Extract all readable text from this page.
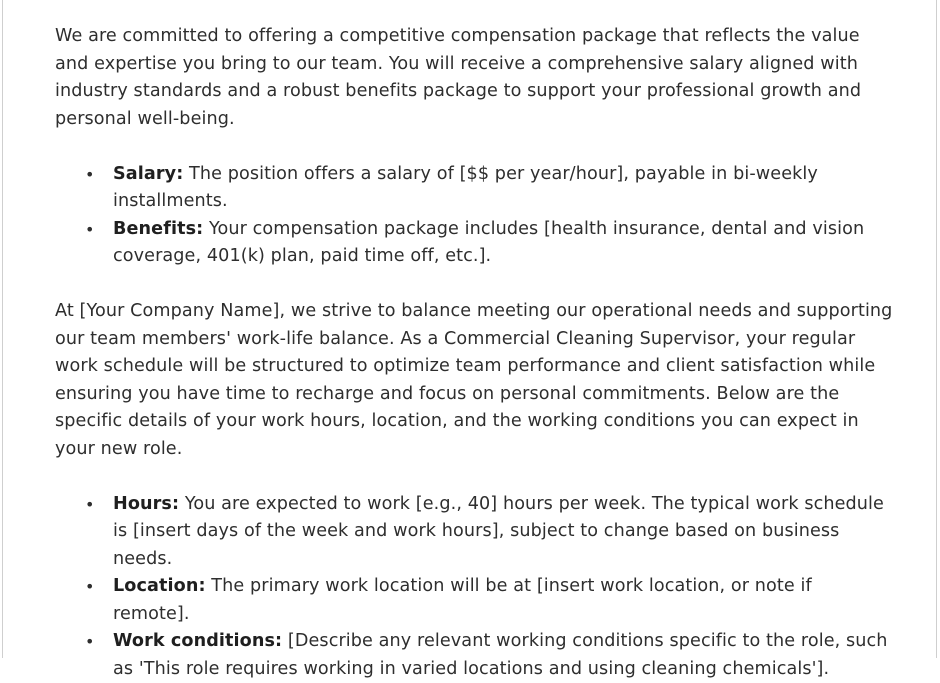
We are committed to offering a competitive compensation package that reflects the value and expertise you bring to our team. You will receive a comprehensive salary aligned with industry standards and a robust benefits package to support your professional growth and personal well-being.

• Salary: The position offers a salary of [$$ per year/hour], payable in bi-weekly installments.
• Benefits: Your compensation package includes [health insurance, dental and vision coverage, 401(k) plan, paid time off, etc.].

At [Your Company Name], we strive to balance meeting our operational needs and supporting our team members' work-life balance. As a Commercial Cleaning Supervisor, your regular work schedule will be structured to optimize team performance and client satisfaction while ensuring you have time to recharge and focus on personal commitments. Below are the specific details of your work hours, location, and the working conditions you can expect in your new role.

• Hours: You are expected to work [e.g., 40] hours per week. The typical work schedule is [insert days of the week and work hours], subject to change based on business needs.
• Location: The primary work location will be at [insert work location, or note if remote].
• Work conditions: [Describe any relevant working conditions specific to the role, such as 'This role requires working in varied locations and using cleaning chemicals'].
